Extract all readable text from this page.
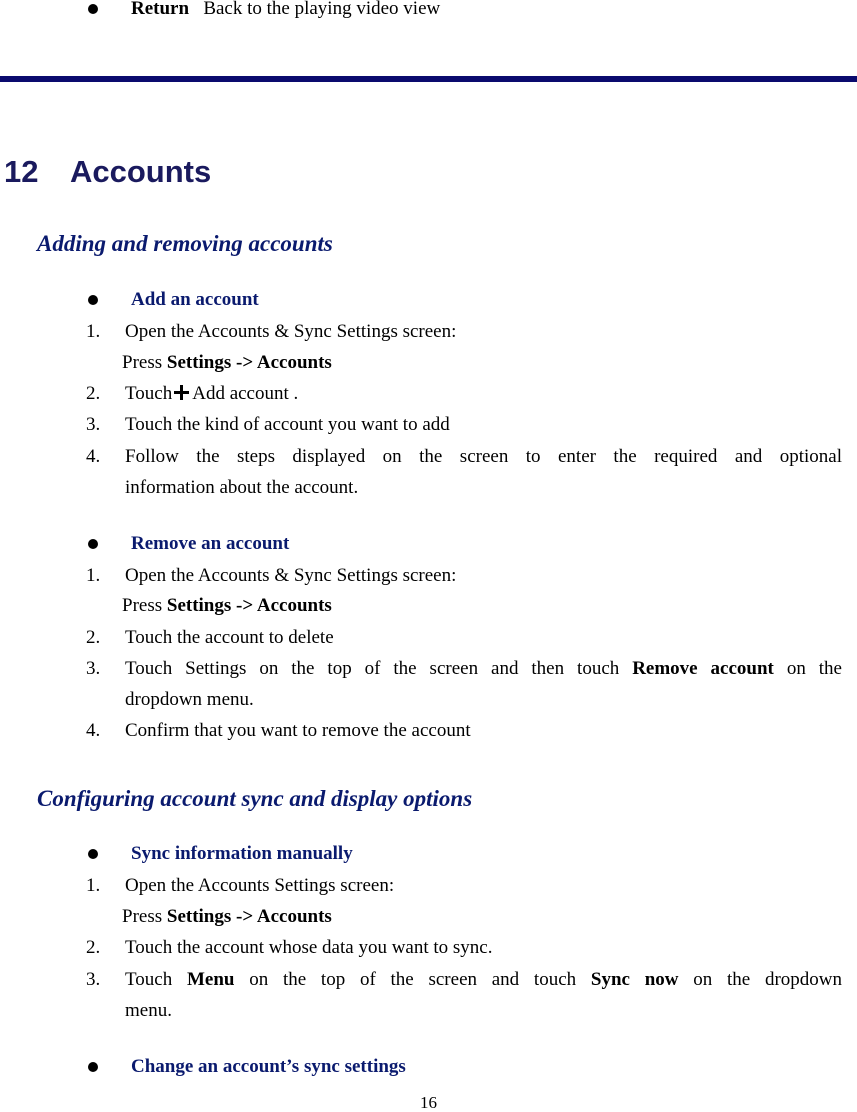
Return Back to the playing video view
12 Accounts
Adding and removing accounts
Add an account
1. Open the Accounts & Sync Settings screen:
Press Settings -> Accounts
2. Touch Add account .
3. Touch the kind of account you want to add
4. Follow the steps displayed on the screen to enter the required and optional
information about the account.
Remove an account
1. Open the Accounts & Sync Settings screen:
Press Settings -> Accounts
2. Touch the account to delete
3. Touch Settings on the top of the screen and then touch Remove account on the
dropdown menu.
4. Confirm that you want to remove the account
Configuring account sync and display options
Sync information manually
1. Open the Accounts Settings screen:
Press Settings -> Accounts
2. Touch the account whose data you want to sync.
3. Touch Menu on the top of the screen and touch Sync now on the dropdown
menu.
Change an account’s sync settings
16
